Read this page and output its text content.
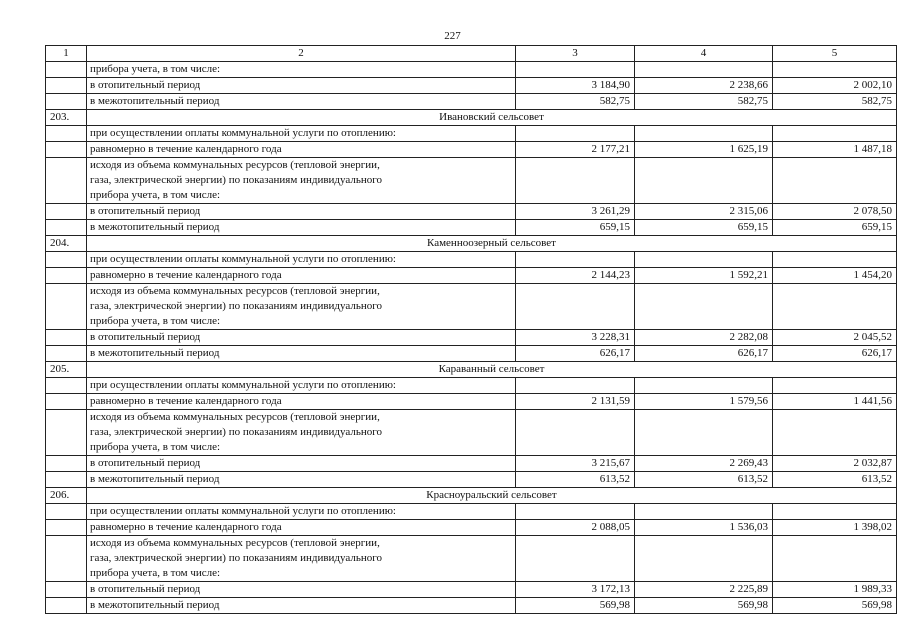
227
1	2	3	4	5
	прибора учета, в том числе:			
	в отопительный период	3 184,90	2 238,66	2 002,10
	в межотопительный период	582,75	582,75	582,75
203.	Ивановский сельсовет			
	при осуществлении оплаты коммунальной услуги по отоплению:			
	равномерно в течение календарного года	2 177,21	1 625,19	1 487,18

	исходя из объема коммунальных ресурсов (тепловой энергии,
газа, электрической энергии) по показаниям индивидуального
прибора учета, в том числе:			

	в отопительный период	3 261,29	2 315,06	2 078,50
	в межотопительный период	659,15	659,15	659,15
204.	Каменноозерный сельсовет			
	при осуществлении оплаты коммунальной услуги по отоплению:			
	равномерно в течение календарного года	2 144,23	1 592,21	1 454,20

	исходя из объема коммунальных ресурсов (тепловой энергии,
газа, электрической энергии) по показаниям индивидуального
прибора учета, в том числе:			

	в отопительный период	3 228,31	2 282,08	2 045,52
	в межотопительный период	626,17	626,17	626,17
205.	Караванный сельсовет			
	при осуществлении оплаты коммунальной услуги по отоплению:			
	равномерно в течение календарного года	2 131,59	1 579,56	1 441,56

	исходя из объема коммунальных ресурсов (тепловой энергии,
газа, электрической энергии) по показаниям индивидуального
прибора учета, в том числе:			

	в отопительный период	3 215,67	2 269,43	2 032,87
	в межотопительный период	613,52	613,52	613,52
206.	Красноуральский сельсовет			
	при осуществлении оплаты коммунальной услуги по отоплению:			
	равномерно в течение календарного года	2 088,05	1 536,03	1 398,02

	исходя из объема коммунальных ресурсов (тепловой энергии,
газа, электрической энергии) по показаниям индивидуального
прибора учета, в том числе:			

	в отопительный период	3 172,13	2 225,89	1 989,33
	в межотопительный период	569,98	569,98	569,98
